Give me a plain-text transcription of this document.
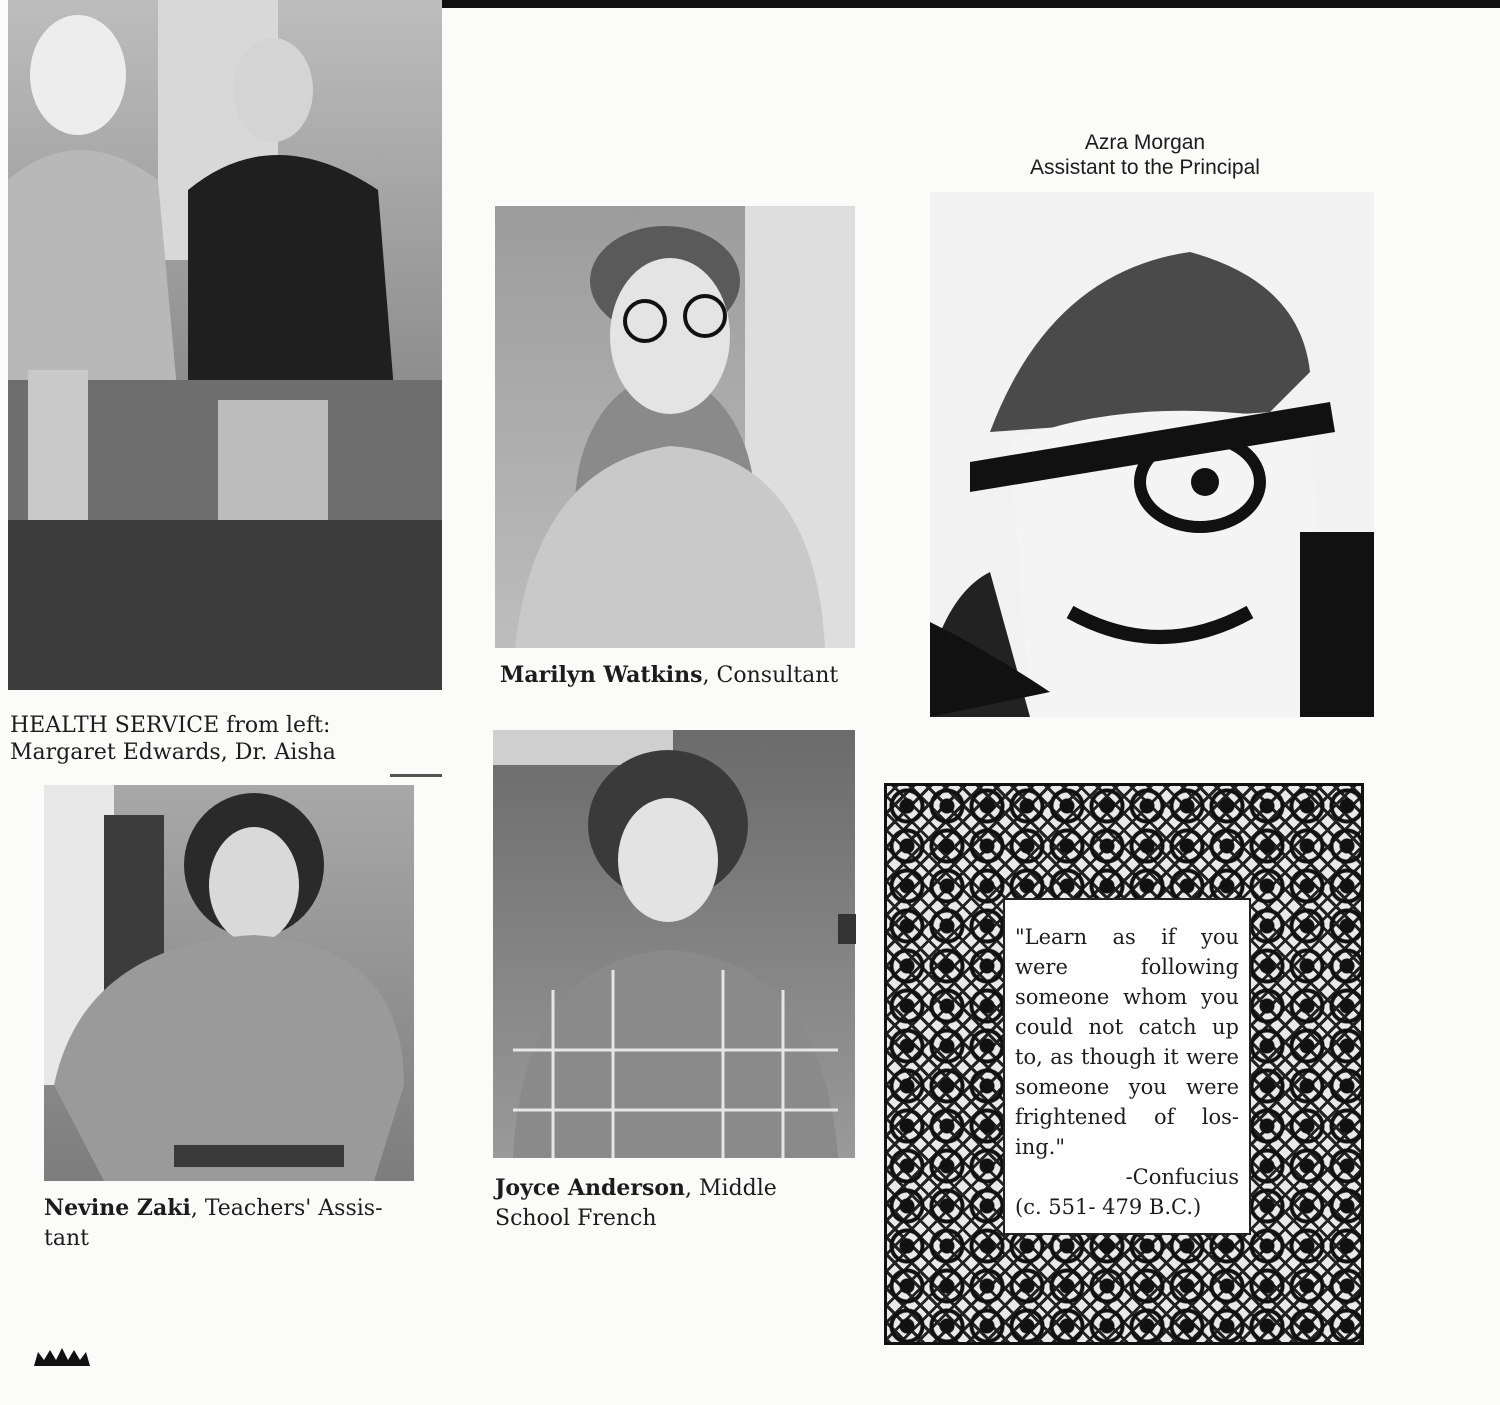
HEALTH SERVICE from left:
Margaret Edwards, Dr. Aisha
Azra Morgan
Assistant to the Principal
Marilyn Watkins, Consultant
Nevine Zaki, Teachers' Assis-
tant
Joyce Anderson, Middle
School French
"Learn as if you were following someone whom you could not catch up to, as though it were someone you were frightened of los-ing."
-Confucius
(c. 551- 479 B.C.)
